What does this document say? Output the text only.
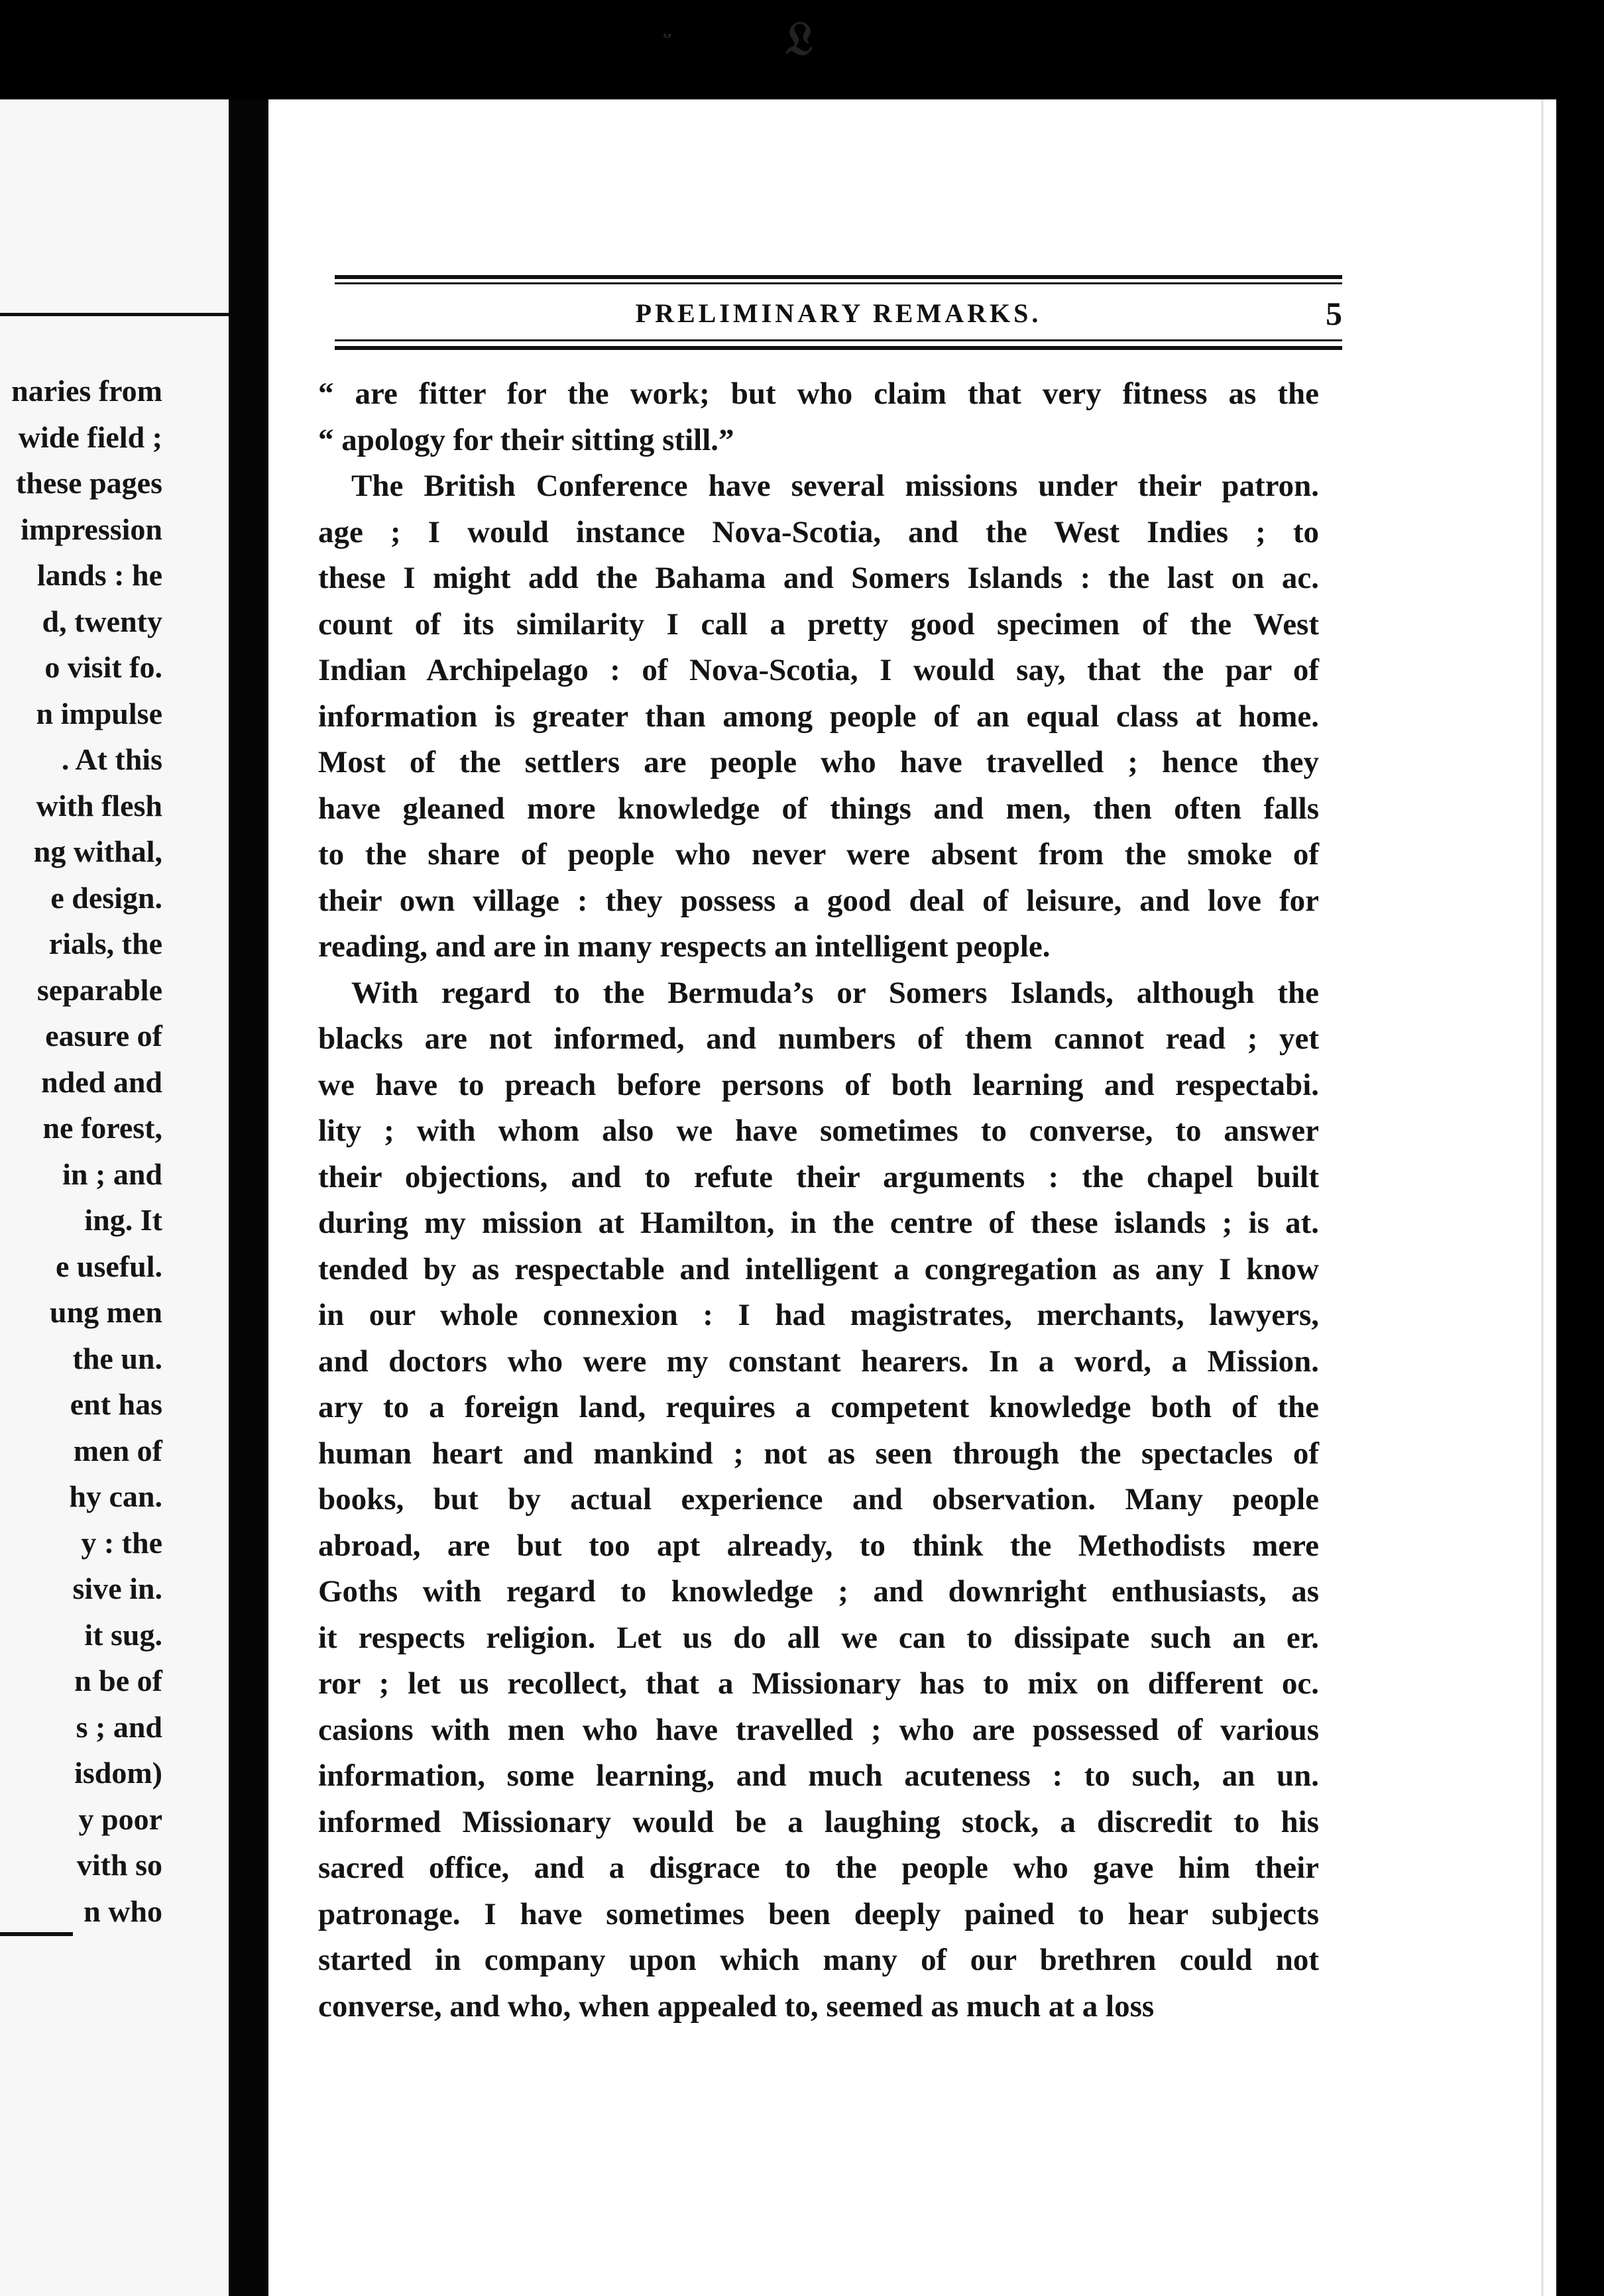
ᵕ 𝔏
naries from
wide field ;
these pages
impression
lands : he
d, twenty
o visit fo.
n impulse
. At this
with flesh
ng withal,
e design.
rials, the
separable
easure of
nded and
ne forest,
in ; and
ing. It
e useful.
ung men
the un.
ent has
men of
hy can.
y : the
sive in.
it sug.
n be of
s ; and
isdom)
y poor
vith so
n who
PRELIMINARY REMARKS.	5
“ are fitter for the work; but who claim that very fitness as the
“ apology for their sitting still.”
The British Conference have several missions under their patron.
age ; I would instance Nova-Scotia, and the West Indies ; to
these I might add the Bahama and Somers Islands : the last on ac.
count of its similarity I call a pretty good specimen of the West
Indian Archipelago : of Nova-Scotia, I would say, that the par of
information is greater than among people of an equal class at home.
Most of the settlers are people who have travelled ; hence they
have gleaned more knowledge of things and men, then often falls
to the share of people who never were absent from the smoke of
their own village : they possess a good deal of leisure, and love for
reading, and are in many respects an intelligent people.
With regard to the Bermuda’s or Somers Islands, although the
blacks are not informed, and numbers of them cannot read ; yet
we have to preach before persons of both learning and respectabi.
lity ; with whom also we have sometimes to converse, to answer
their objections, and to refute their arguments : the chapel built
during my mission at Hamilton, in the centre of these islands ; is at.
tended by as respectable and intelligent a congregation as any I know
in our whole connexion : I had magistrates, merchants, lawyers,
and doctors who were my constant hearers. In a word, a Mission.
ary to a foreign land, requires a competent knowledge both of the
human heart and mankind ; not as seen through the spectacles of
books, but by actual experience and observation. Many people
abroad, are but too apt already, to think the Methodists mere
Goths with regard to knowledge ; and downright enthusiasts, as
it respects religion. Let us do all we can to dissipate such an er.
ror ; let us recollect, that a Missionary has to mix on different oc.
casions with men who have travelled ; who are possessed of various
information, some learning, and much acuteness : to such, an un.
informed Missionary would be a laughing stock, a discredit to his
sacred office, and a disgrace to the people who gave him their
patronage. I have sometimes been deeply pained to hear subjects
started in company upon which many of our brethren could not
converse, and who, when appealed to, seemed as much at a loss
